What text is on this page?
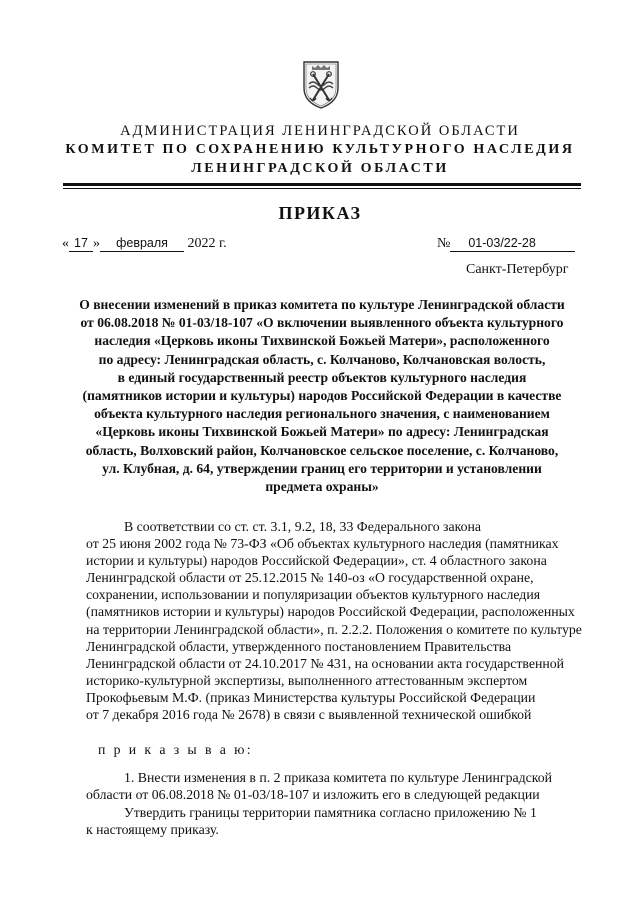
АДМИНИСТРАЦИЯ ЛЕНИНГРАДСКОЙ ОБЛАСТИ
КОМИТЕТ ПО СОХРАНЕНИЮ КУЛЬТУРНОГО НАСЛЕДИЯ
ЛЕНИНГРАДСКОЙ ОБЛАСТИ
ПРИКАЗ
« 17 » февраля 2022 г.	№ 01-03/22-28
Санкт-Петербург
О внесении изменений в приказ комитета по культуре Ленинградской области
от 06.08.2018 № 01-03/18-107 «О включении выявленного объекта культурного
наследия «Церковь иконы Тихвинской Божьей Матери», расположенного
по адресу: Ленинградская область, с. Колчаново, Колчановская волость,
в единый государственный реестр объектов культурного наследия
(памятников истории и культуры) народов Российской Федерации в качестве
объекта культурного наследия регионального значения, с наименованием
«Церковь иконы Тихвинской Божьей Матери» по адресу: Ленинградская
область, Волховский район, Колчановское сельское поселение, с. Колчаново,
ул. Клубная, д. 64, утверждении границ его территории и установлении
предмета охраны»
В соответствии со ст. ст. 3.1, 9.2, 18, 33 Федерального закона
от 25 июня 2002 года № 73-ФЗ «Об объектах культурного наследия (памятниках
истории и культуры) народов Российской Федерации», ст. 4 областного закона
Ленинградской области от 25.12.2015 № 140-оз «О государственной охране,
сохранении, использовании и популяризации объектов культурного наследия
(памятников истории и культуры) народов Российской Федерации, расположенных
на территории Ленинградской области», п. 2.2.2. Положения о комитете по культуре
Ленинградской области, утвержденного постановлением Правительства
Ленинградской области от 24.10.2017 № 431, на основании акта государственной
историко-культурной экспертизы, выполненного аттестованным экспертом
Прокофьевым М.Ф. (приказ Министерства культуры Российской Федерации
от 7 декабря 2016 года № 2678) в связи с выявленной технической ошибкой
п р и к а з ы в а ю:
1. Внести изменения в п. 2 приказа комитета по культуре Ленинградской
области от 06.08.2018 № 01-03/18-107 и изложить его в следующей редакции
Утвердить границы территории памятника согласно приложению № 1
к настоящему приказу.
